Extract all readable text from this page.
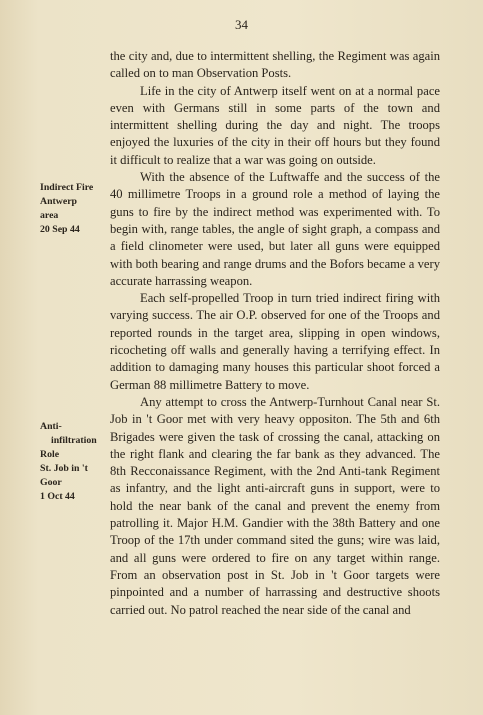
34
Indirect Fire
Antwerp
area
20 Sep 44
Anti-
infiltration
Role
St. Job in 't
Goor
1 Oct 44

the city and, due to intermittent shelling, the Regiment was again called on to man Observation Posts.

Life in the city of Antwerp itself went on at a normal pace even with Germans still in some parts of the town and intermittent shelling during the day and night. The troops enjoyed the luxuries of the city in their off hours but they found it difficult to realize that a war was going on outside.

With the absence of the Luftwaffe and the success of the 40 millimetre Troops in a ground role a method of laying the guns to fire by the indirect method was experimented with. To begin with, range tables, the angle of sight graph, a compass and a field clinometer were used, but later all guns were equipped with both bearing and range drums and the Bofors became a very accurate harrassing weapon.

Each self-propelled Troop in turn tried indirect firing with varying success. The air O.P. observed for one of the Troops and reported rounds in the target area, slipping in open windows, ricocheting off walls and generally having a terrifying effect. In addition to damaging many houses this particular shoot forced a German 88 millimetre Battery to move.

Any attempt to cross the Antwerp-Turnhout Canal near St. Job in 't Goor met with very heavy oppositon. The 5th and 6th Brigades were given the task of crossing the canal, attacking on the right flank and clearing the far bank as they advanced. The 8th Recconaissance Regiment, with the 2nd Anti-tank Regiment as infantry, and the light anti-aircraft guns in support, were to hold the near bank of the canal and prevent the enemy from patrolling it. Major H.M. Gandier with the 38th Battery and one Troop of the 17th under command sited the guns; wire was laid, and all guns were ordered to fire on any target within range. From an observation post in St. Job in 't Goor targets were pinpointed and a number of harrassing and destructive shoots carried out. No patrol reached the near side of the canal and
